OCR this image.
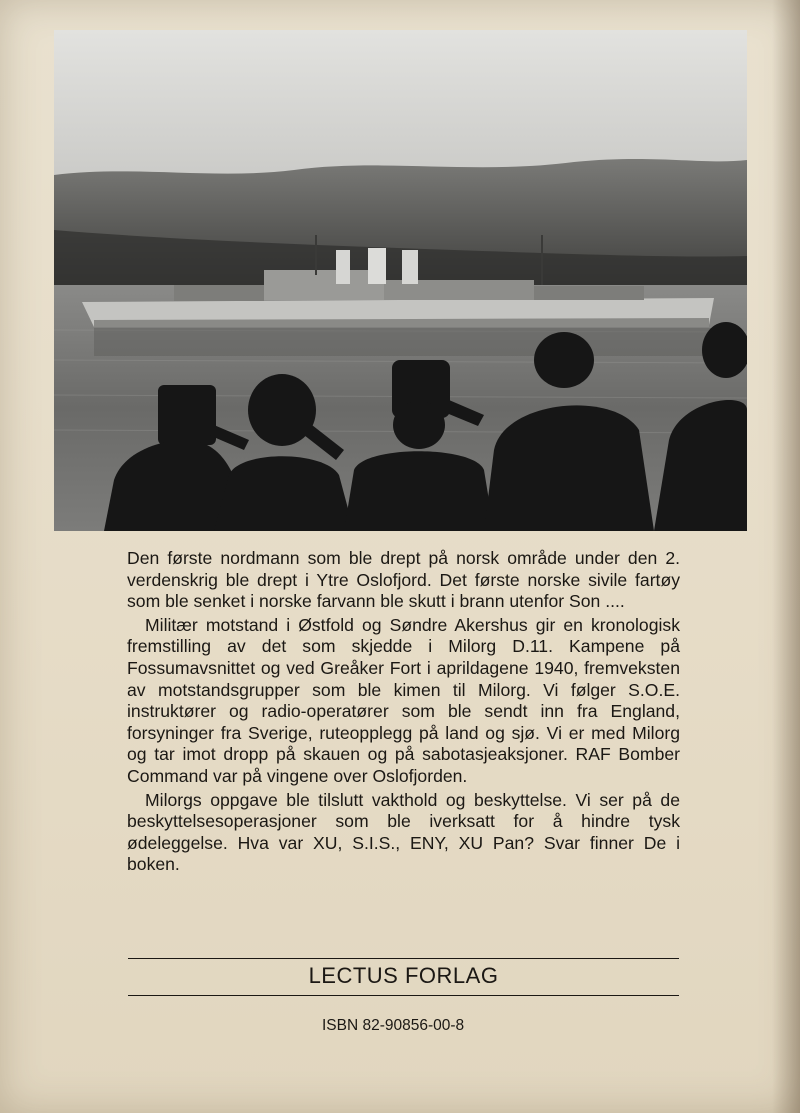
Den første nordmann som ble drept på norsk område under den 2. verdenskrig ble drept i Ytre Oslofjord. Det første norske sivile fartøy som ble senket i norske farvann ble skutt i brann utenfor Son ....

Militær motstand i Østfold og Søndre Akershus gir en kronologisk fremstilling av det som skjedde i Milorg D.11. Kampene på Fossumavsnittet og ved Greåker Fort i aprildagene 1940, fremveksten av motstandsgrupper som ble kimen til Milorg. Vi følger S.O.E. instruktører og radio-operatører som ble sendt inn fra England, forsyninger fra Sverige, ruteopplegg på land og sjø. Vi er med Milorg og tar imot dropp på skauen og på sabotasjeaksjoner. RAF Bomber Command var på vingene over Oslofjorden.

Milorgs oppgave ble tilslutt vakthold og beskyttelse. Vi ser på de beskyttelsesoperasjoner som ble iverksatt for å hindre tysk ødeleggelse. Hva var XU, S.I.S., ENY, XU Pan? Svar finner De i boken.

LECTUS FORLAG
ISBN 82-90856-00-8
